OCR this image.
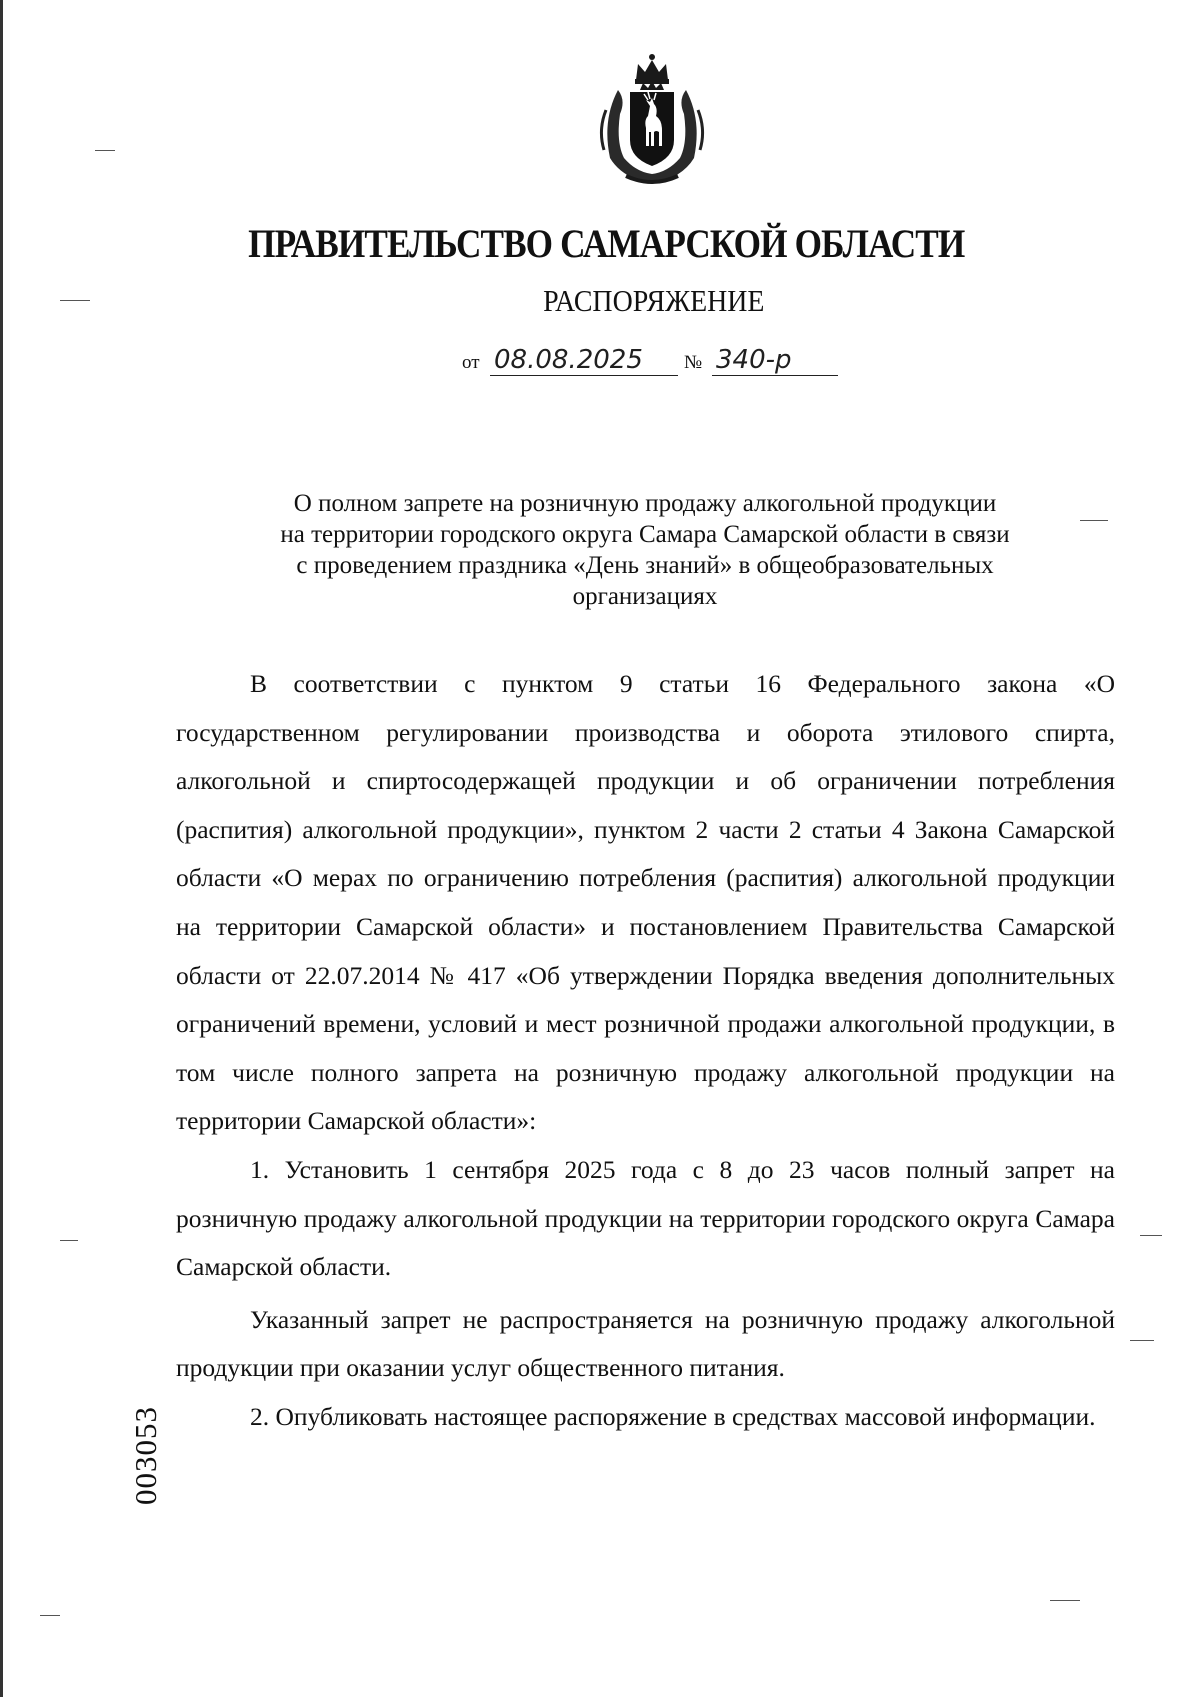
ПРАВИТЕЛЬСТВО САМАРСКОЙ ОБЛАСТИ
РАСПОРЯЖЕНИЕ
от 08.08.2025	№ 340-р
О полном запрете на розничную продажу алкогольной продукции
на территории городского округа Самара Самарской области в связи
с проведением праздника «День знаний» в общеобразовательных
организациях

В соответствии с пунктом 9 статьи 16 Федерального закона «О государственном регулировании производства и оборота этилового спирта, алкогольной и спиртосодержащей продукции и об ограничении потребления (распития) алкогольной продукции», пунктом 2 части 2 статьи 4 Закона Самарской области «О мерах по ограничению потребления (распития) алкогольной продукции на территории Самарской области» и постановлением Правительства Самарской области от 22.07.2014 № 417 «Об утверждении Порядка введения дополнительных ограничений времени, условий и мест розничной продажи алкогольной продукции, в том числе полного запрета на розничную продажу алкогольной продукции на территории Самарской области»:

1. Установить 1 сентября 2025 года с 8 до 23 часов полный запрет на розничную продажу алкогольной продукции на территории городского округа Самара Самарской области.

Указанный запрет не распространяется на розничную продажу алкогольной продукции при оказании услуг общественного питания.

2. Опубликовать настоящее распоряжение в средствах массовой информации.

003053
